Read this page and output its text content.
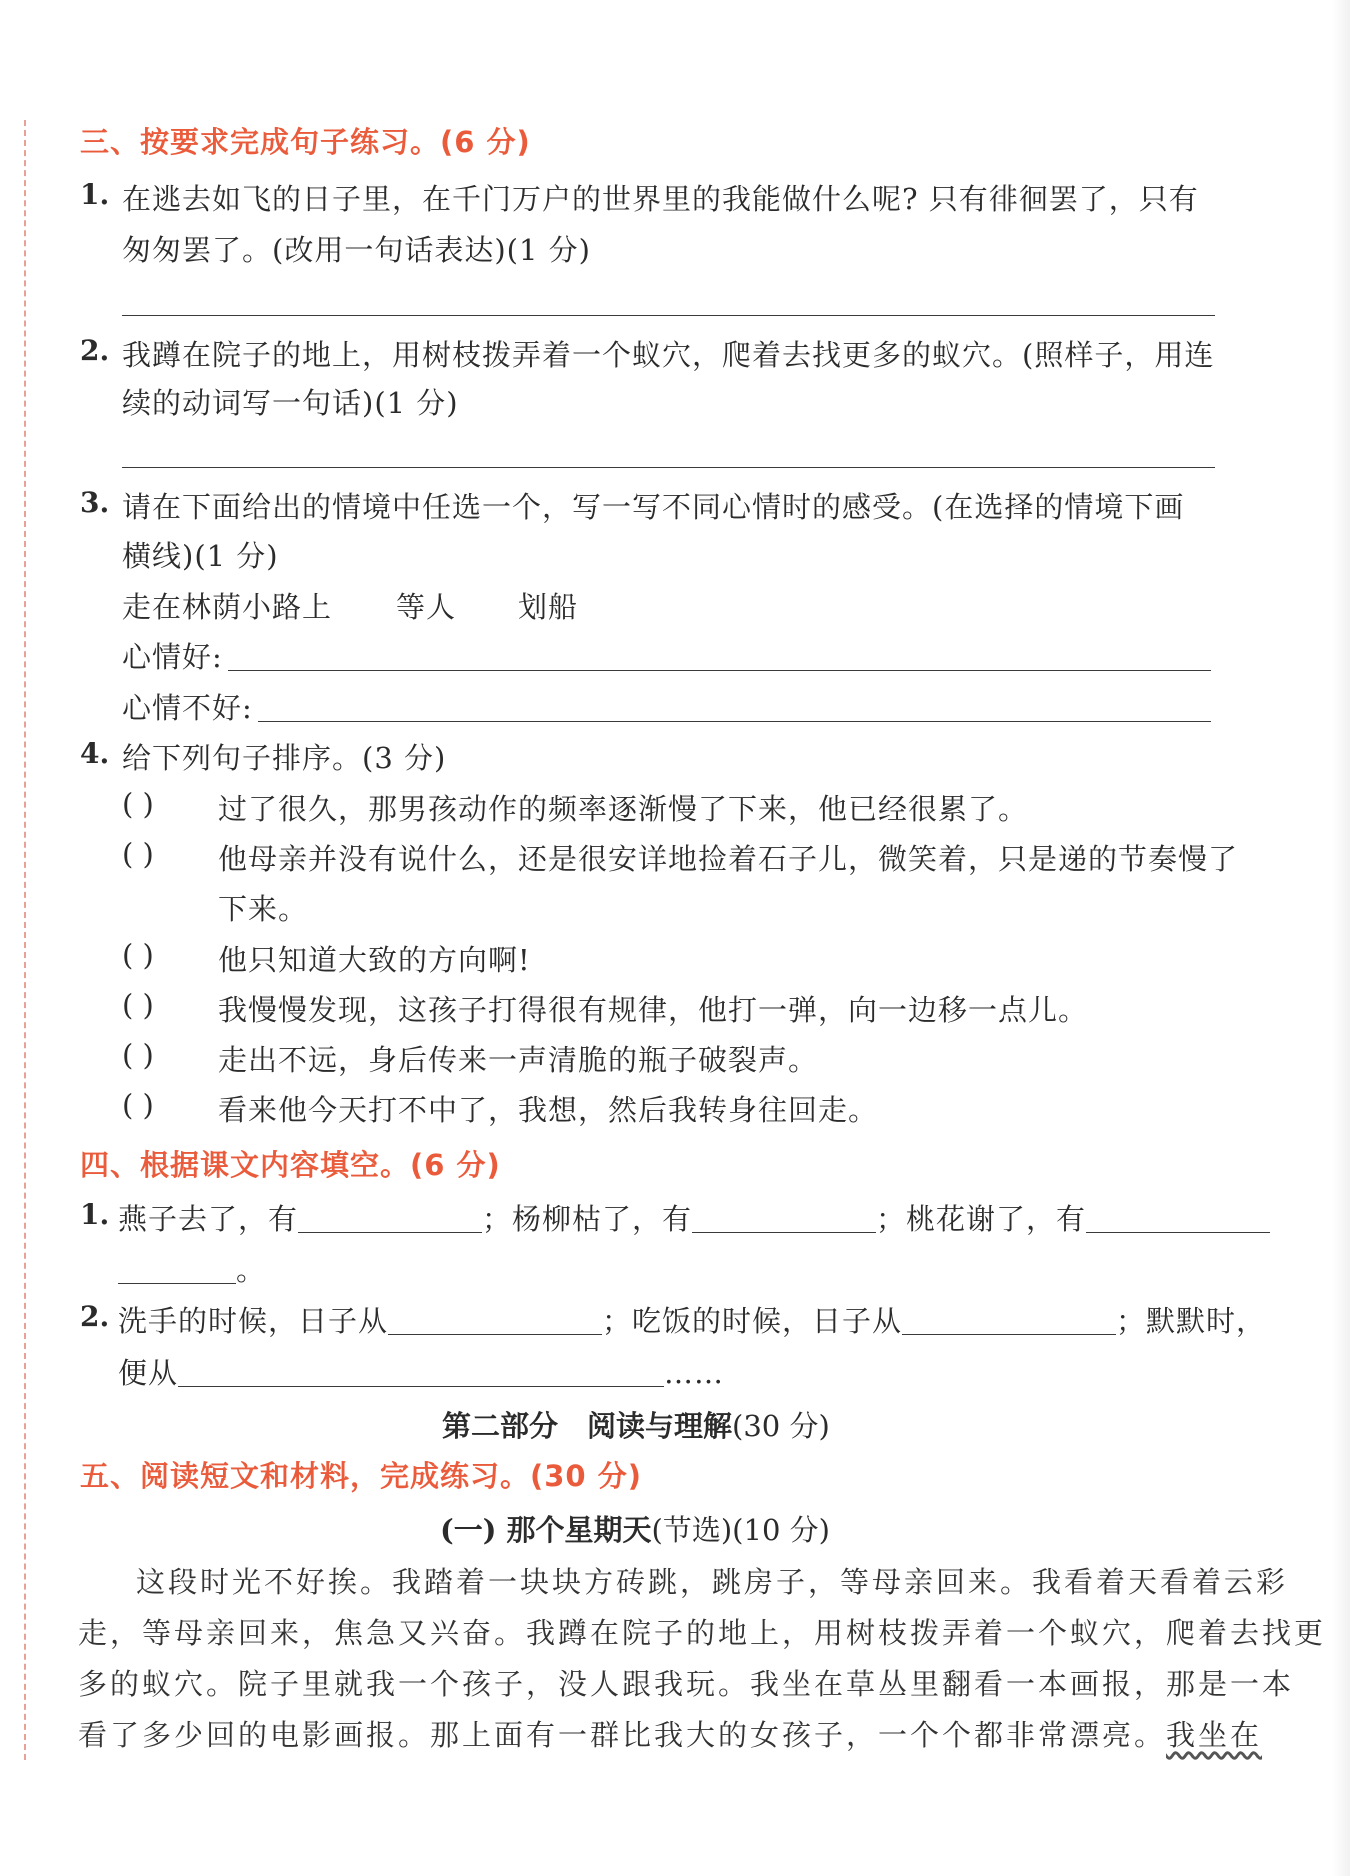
三、按要求完成句子练习。(6 分)
1. 在逃去如飞的日子里，在千门万户的世界里的我能做什么呢? 只有徘徊罢了，只有
匆匆罢了。(改用一句话表达)(1 分)
2. 我蹲在院子的地上，用树枝拨弄着一个蚁穴，爬着去找更多的蚁穴。(照样子，用连
续的动词写一句话)(1 分)
3. 请在下面给出的情境中任选一个，写一写不同心情时的感受。(在选择的情境下画
横线)(1 分)
走在林荫小路上 等人 划船
心情好:
心情不好:
4. 给下列句子排序。(3 分)
( ) 过了很久，那男孩动作的频率逐渐慢了下来，他已经很累了。
( ) 他母亲并没有说什么，还是很安详地捡着石子儿，微笑着，只是递的节奏慢了
下来。
( ) 他只知道大致的方向啊!
( ) 我慢慢发现，这孩子打得很有规律，他打一弹，向一边移一点儿。
( ) 走出不远，身后传来一声清脆的瓶子破裂声。
( ) 看来他今天打不中了，我想，然后我转身往回走。
四、根据课文内容填空。(6 分)
1. 燕子去了，有	；杨柳枯了，有	；桃花谢了，有
。
2. 洗手的时候，日子从	；吃饭的时候，日子从	；默默时，
便从	……
第二部分　阅读与理解(30 分)
五、阅读短文和材料，完成练习。(30 分)
(一) 那个星期天(节选)(10 分)
这段时光不好挨。我踏着一块块方砖跳，跳房子，等母亲回来。我看着天看着云彩
走，等母亲回来，焦急又兴奋。我蹲在院子的地上，用树枝拨弄着一个蚁穴，爬着去找更
多的蚁穴。院子里就我一个孩子，没人跟我玩。我坐在草丛里翻看一本画报，那是一本
看了多少回的电影画报。那上面有一群比我大的女孩子，一个个都非常漂亮。我坐在
